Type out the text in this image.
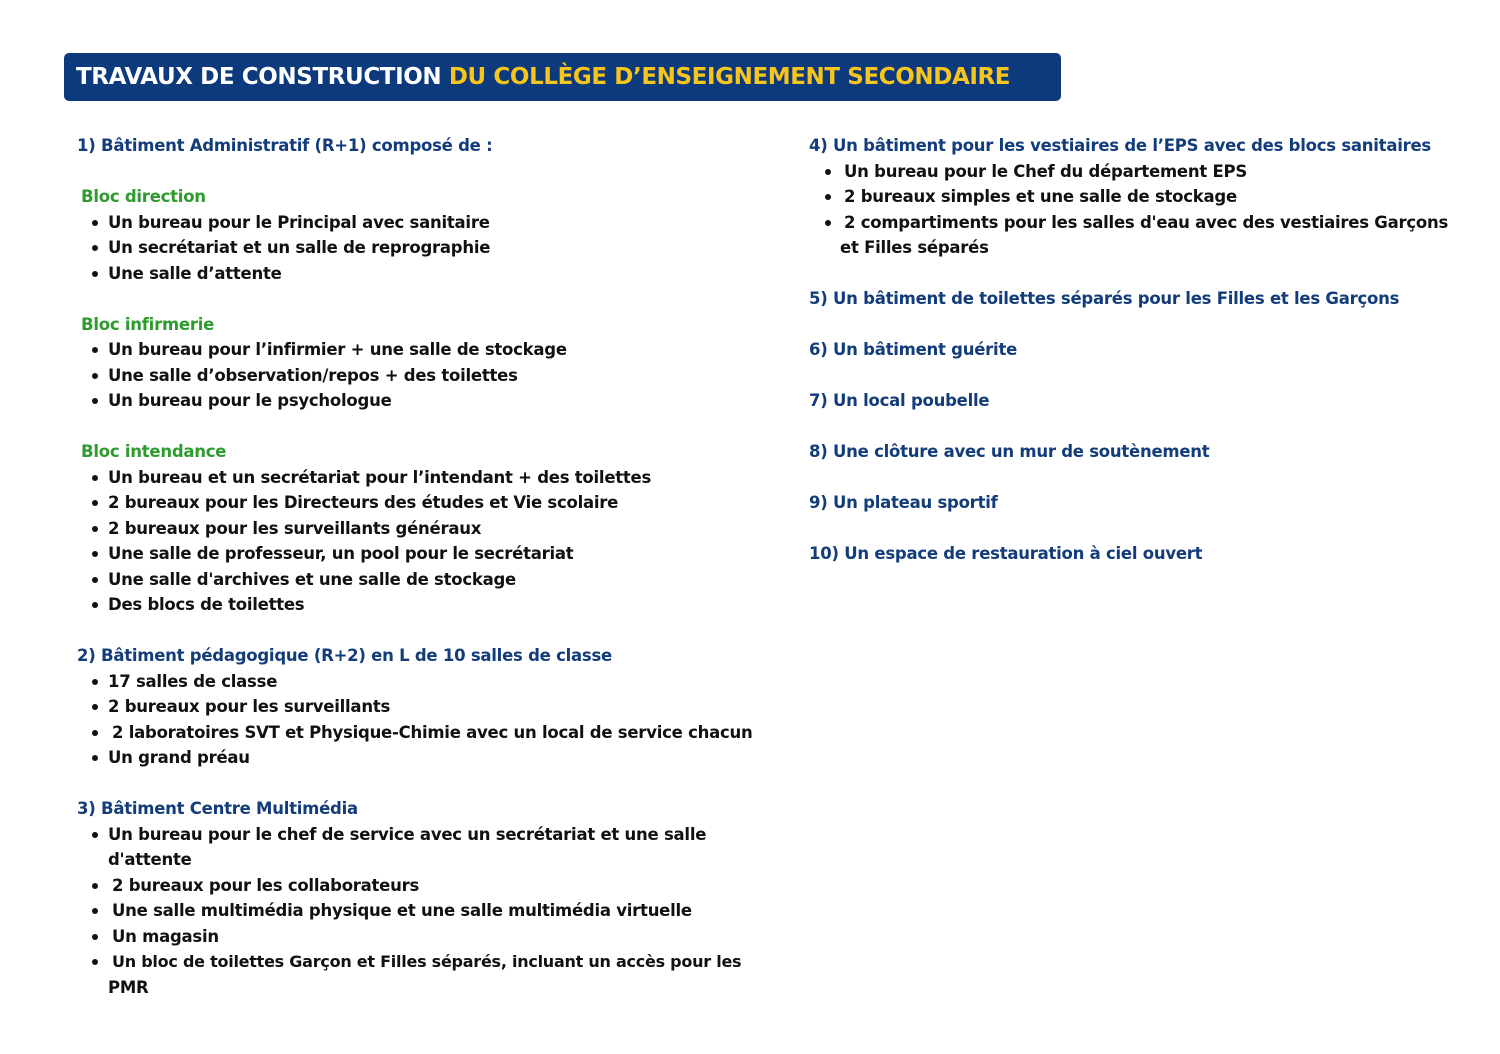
TRAVAUX DE CONSTRUCTION DU COLLÈGE D’ENSEIGNEMENT SECONDAIRE
1) Bâtiment Administratif (R+1) composé de :
Bloc direction
Un bureau pour le Principal avec sanitaire
Un secrétariat et un salle de reprographie
Une salle d’attente
Bloc infirmerie
Un bureau pour l’infirmier + une salle de stockage
Une salle d’observation/repos + des toilettes
Un bureau pour le psychologue
Bloc intendance
Un bureau et un secrétariat pour l’intendant + des toilettes
2 bureaux pour les Directeurs des études et Vie scolaire
2 bureaux pour les surveillants généraux
Une salle de professeur, un pool pour le secrétariat
Une salle d'archives et une salle de stockage
Des blocs de toilettes
2) Bâtiment pédagogique (R+2) en L de 10 salles de classe
17 salles de classe
2 bureaux pour les surveillants
2 laboratoires SVT et Physique-Chimie avec un local de service chacun
Un grand préau
3) Bâtiment Centre Multimédia
Un bureau pour le chef de service avec un secrétariat et une salle
d'attente
2 bureaux pour les collaborateurs
Une salle multimédia physique et une salle multimédia virtuelle
Un magasin
Un bloc de toilettes Garçon et Filles séparés, incluant un accès pour les
PMR
4) Un bâtiment pour les vestiaires de l’EPS avec des blocs sanitaires
Un bureau pour le Chef du département EPS
2 bureaux simples et une salle de stockage
2 compartiments pour les salles d'eau avec des vestiaires Garçons
et Filles séparés
5) Un bâtiment de toilettes séparés pour les Filles et les Garçons
6) Un bâtiment guérite
7) Un local poubelle
8) Une clôture avec un mur de soutènement
9) Un plateau sportif
10) Un espace de restauration à ciel ouvert
